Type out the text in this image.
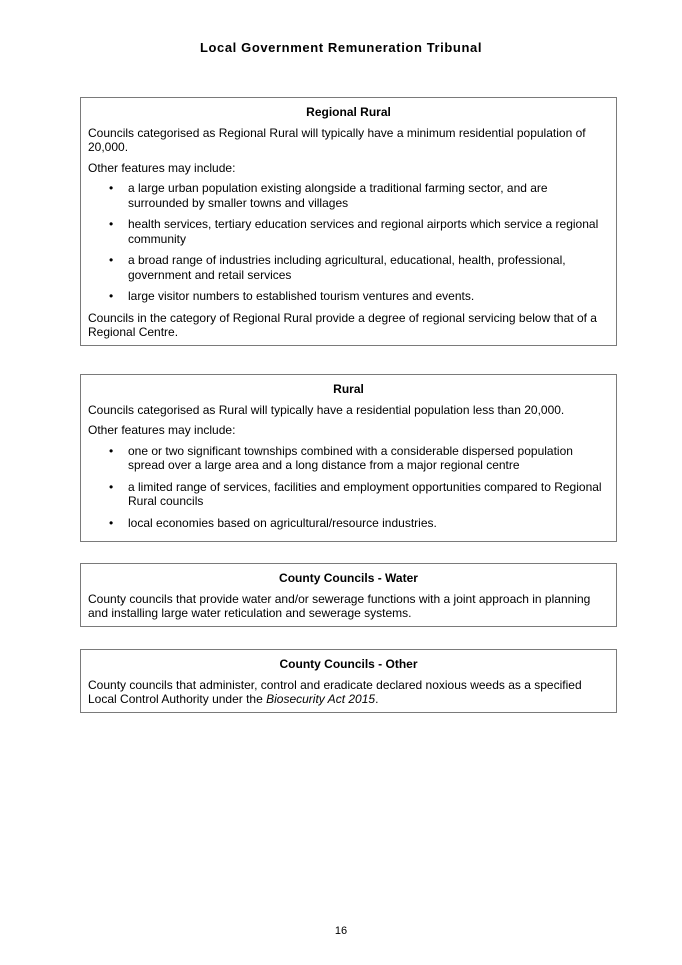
Local Government Remuneration Tribunal
Regional Rural

Councils categorised as Regional Rural will typically have a minimum residential population of 20,000.

Other features may include:

• a large urban population existing alongside a traditional farming sector, and are surrounded by smaller towns and villages
• health services, tertiary education services and regional airports which service a regional community
• a broad range of industries including agricultural, educational, health, professional, government and retail services
• large visitor numbers to established tourism ventures and events.

Councils in the category of Regional Rural provide a degree of regional servicing below that of a Regional Centre.

Rural

Councils categorised as Rural will typically have a residential population less than 20,000.

Other features may include:

• one or two significant townships combined with a considerable dispersed population spread over a large area and a long distance from a major regional centre
• a limited range of services, facilities and employment opportunities compared to Regional Rural councils
• local economies based on agricultural/resource industries.
County Councils - Water

County councils that provide water and/or sewerage functions with a joint approach in planning and installing large water reticulation and sewerage systems.

County Councils - Other

County councils that administer, control and eradicate declared noxious weeds as a specified Local Control Authority under the Biosecurity Act 2015.

16
